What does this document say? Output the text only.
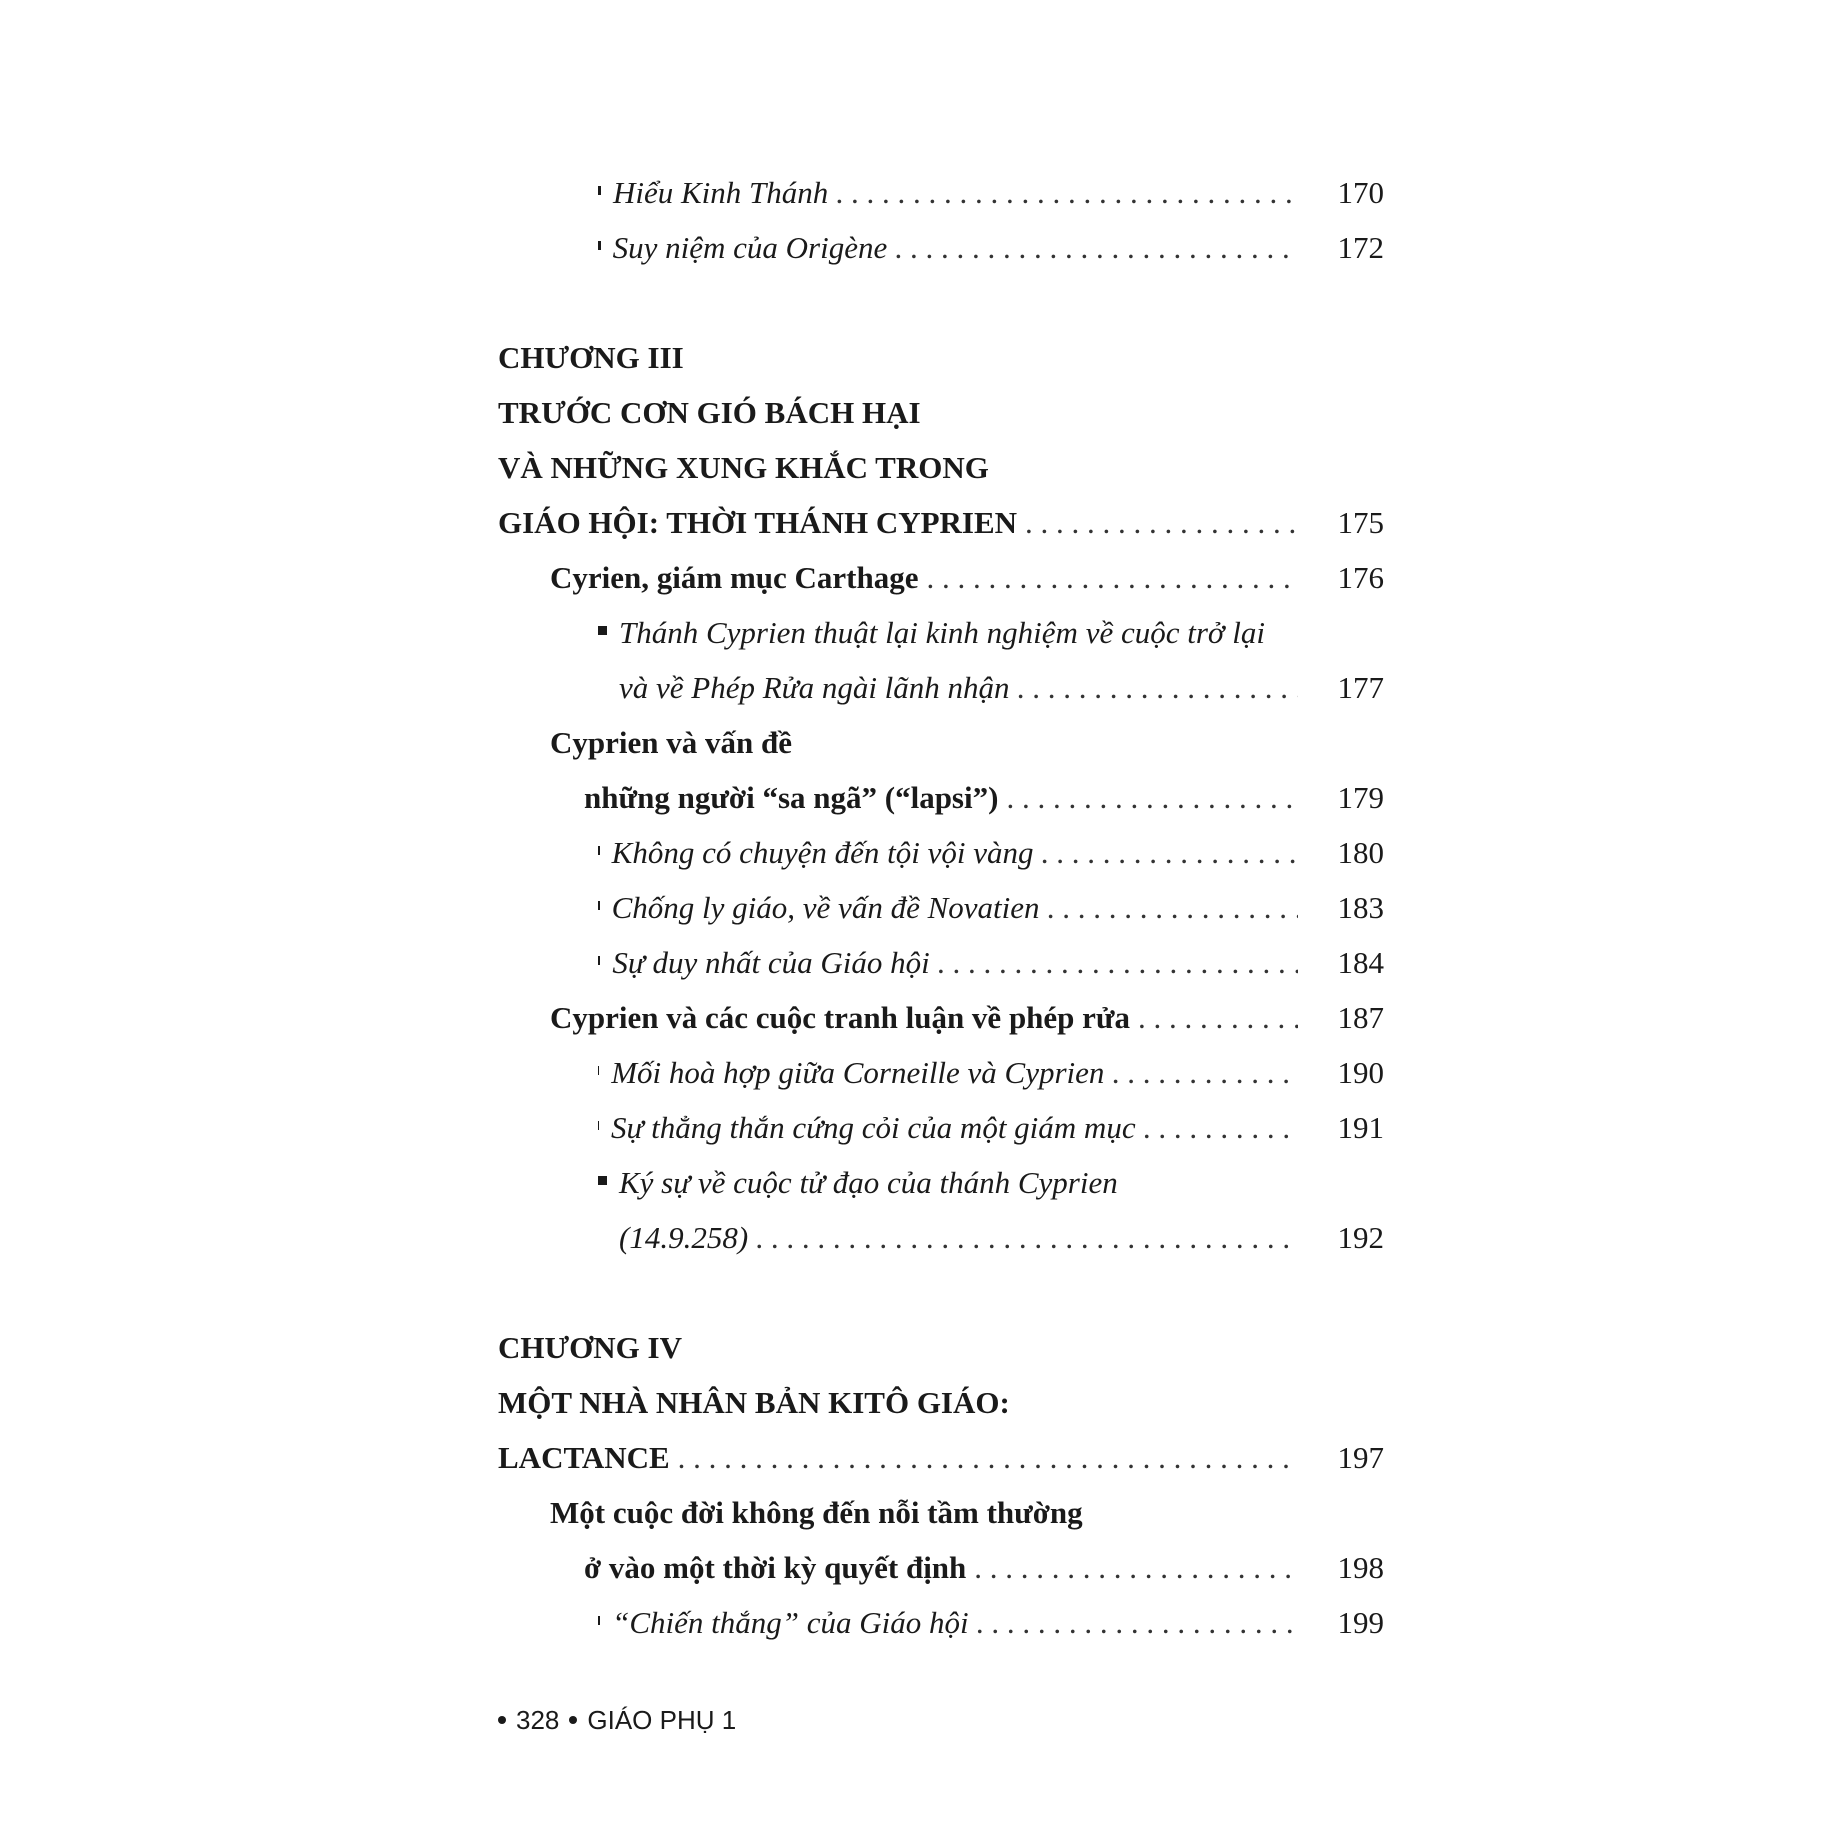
Hiểu Kinh Thánh . . .	170
Suy niệm của Origène . . .	172
CHƯƠNG III
TRƯỚC CƠN GIÓ BÁCH HẠI
VÀ NHỮNG XUNG KHẮC TRONG
GIÁO HỘI: THỜI THÁNH CYPRIEN . . .	175
Cyrien, giám mục Carthage . . .	176
Thánh Cyprien thuật lại kinh nghiệm về cuộc trở lại
và về Phép Rửa ngài lãnh nhận . . .	177
Cyprien và vấn đề
những người “sa ngã” (“lapsi”) . . .	179
Không có chuyện đến tội vội vàng . . .	180
Chống ly giáo, về vấn đề Novatien . . .	183
Sự duy nhất của Giáo hội . . .	184
Cyprien và các cuộc tranh luận về phép rửa . . .	187
Mối hoà hợp giữa Corneille và Cyprien . . .	190
Sự thẳng thắn cứng cỏi của một giám mục . . .	191
Ký sự về cuộc tử đạo của thánh Cyprien
(14.9.258) . . .	192
CHƯƠNG IV
MỘT NHÀ NHÂN BẢN KITÔ GIÁO:
LACTANCE . . .	197
Một cuộc đời không đến nỗi tầm thường
ở vào một thời kỳ quyết định . . .	198
“Chiến thắng” của Giáo hội . . .	199
328 GIÁO PHỤ 1
